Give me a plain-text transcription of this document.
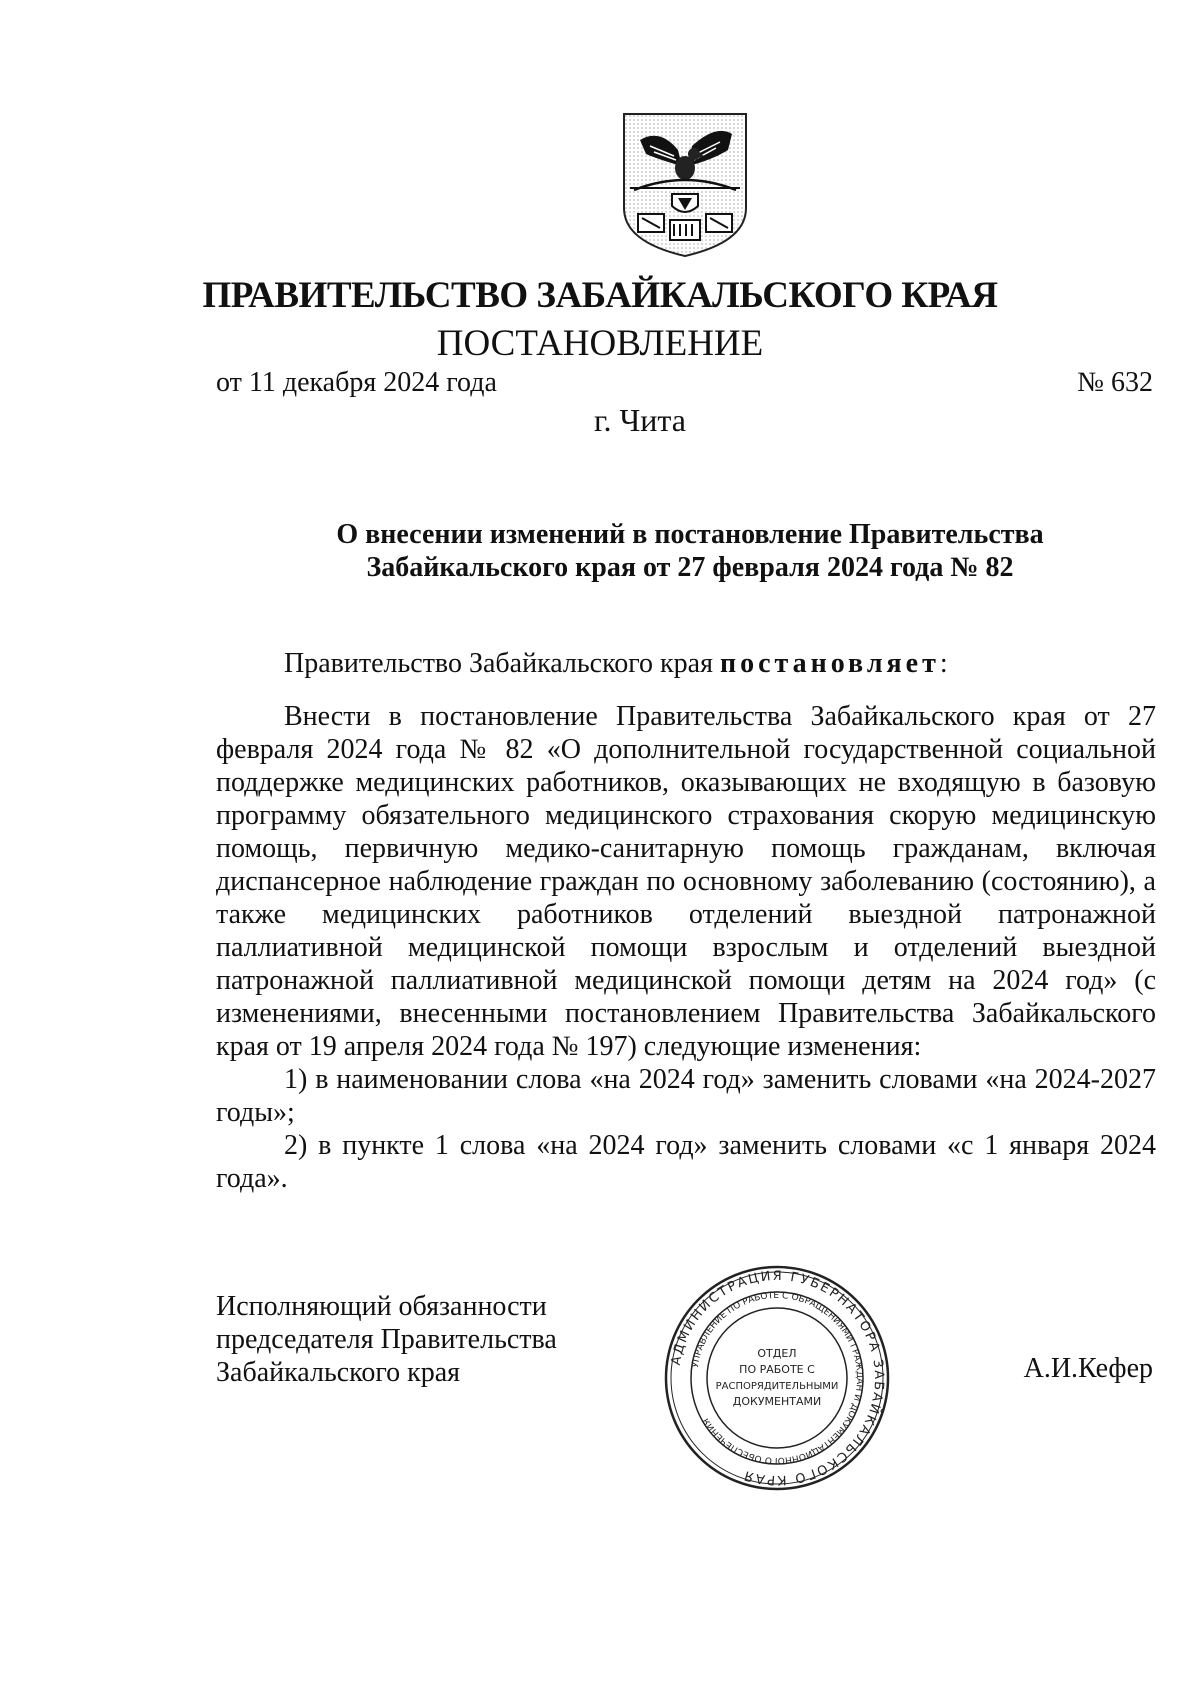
ПРАВИТЕЛЬСТВО ЗАБАЙКАЛЬСКОГО КРАЯ
ПОСТАНОВЛЕНИЕ
от 11 декабря 2024 года	№ 632
г. Чита
О внесении изменений в постановление Правительства
Забайкальского края от 27 февраля 2024 года № 82
Правительство Забайкальского края постановляет:

Внести в постановление Правительства Забайкальского края от 27 февраля 2024 года № 82 «О дополнительной государственной социальной поддержке медицинских работников, оказывающих не входящую в базовую программу обязательного медицинского страхования скорую медицинскую помощь, первичную медико-санитарную помощь гражданам, включая диспансерное наблюдение граждан по основному заболеванию (состоянию), а также медицинских работников отделений выездной патронажной паллиативной медицинской помощи взрослым и отделений выездной патронажной паллиативной медицинской помощи детям на 2024 год» (с изменениями, внесенными постановлением Правительства Забайкальского края от 19 апреля 2024 года № 197) следующие изменения:

1) в наименовании слова «на 2024 год» заменить словами «на 2024-2027 годы»;

2) в пункте 1 слова «на 2024 год» заменить словами «с 1 января 2024 года».

Исполняющий обязанности
председателя Правительства
Забайкальского края	АДМИНИСТРАЦИЯ ГУБЕРНАТОРА ЗАБАЙКАЛЬСКОГО КРАЯ
УПРАВЛЕНИЕ ПО РАБОТЕ С ОБРАЩЕНИЯМИ ГРАЖДАН И ДОКУМЕНТАЦИОННОГО ОБЕСПЕЧЕНИЯ
ОТДЕЛ
ПО РАБОТЕ С
РАСПОРЯДИТЕЛЬНЫМИ
ДОКУМЕНТАМИ
А.И.Кефер
